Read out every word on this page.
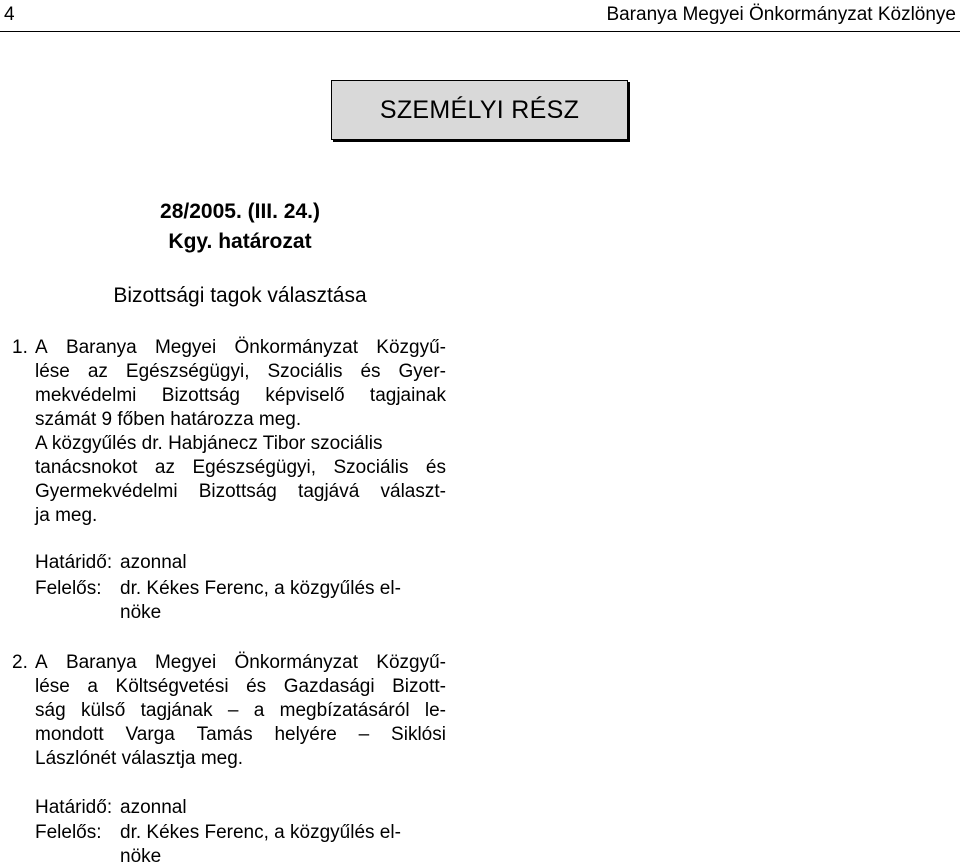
4	Baranya Megyei Önkormányzat Közlönye
SZEMÉLYI RÉSZ
28/2005. (III. 24.)
Kgy. határozat
Bizottsági tagok választása
1. A Baranya Megyei Önkormányzat Közgyű-
lése az Egészségügyi, Szociális és Gyer-
mekvédelmi Bizottság képviselő tagjainak
számát 9 főben határozza meg.
A közgyűlés dr. Habjánecz Tibor szociális
tanácsnokot az Egészségügyi, Szociális és
Gyermekvédelmi Bizottság tagjává választ-
ja meg.
Határidő: azonnal
Felelős: dr. Kékes Ferenc, a közgyűlés el-
nöke
2. A Baranya Megyei Önkormányzat Közgyű-
lése a Költségvetési és Gazdasági Bizott-
ság külső tagjának – a megbízatásáról le-
mondott Varga Tamás helyére – Siklósi
Lászlónét választja meg.
Határidő: azonnal
Felelős: dr. Kékes Ferenc, a közgyűlés el-
nöke
